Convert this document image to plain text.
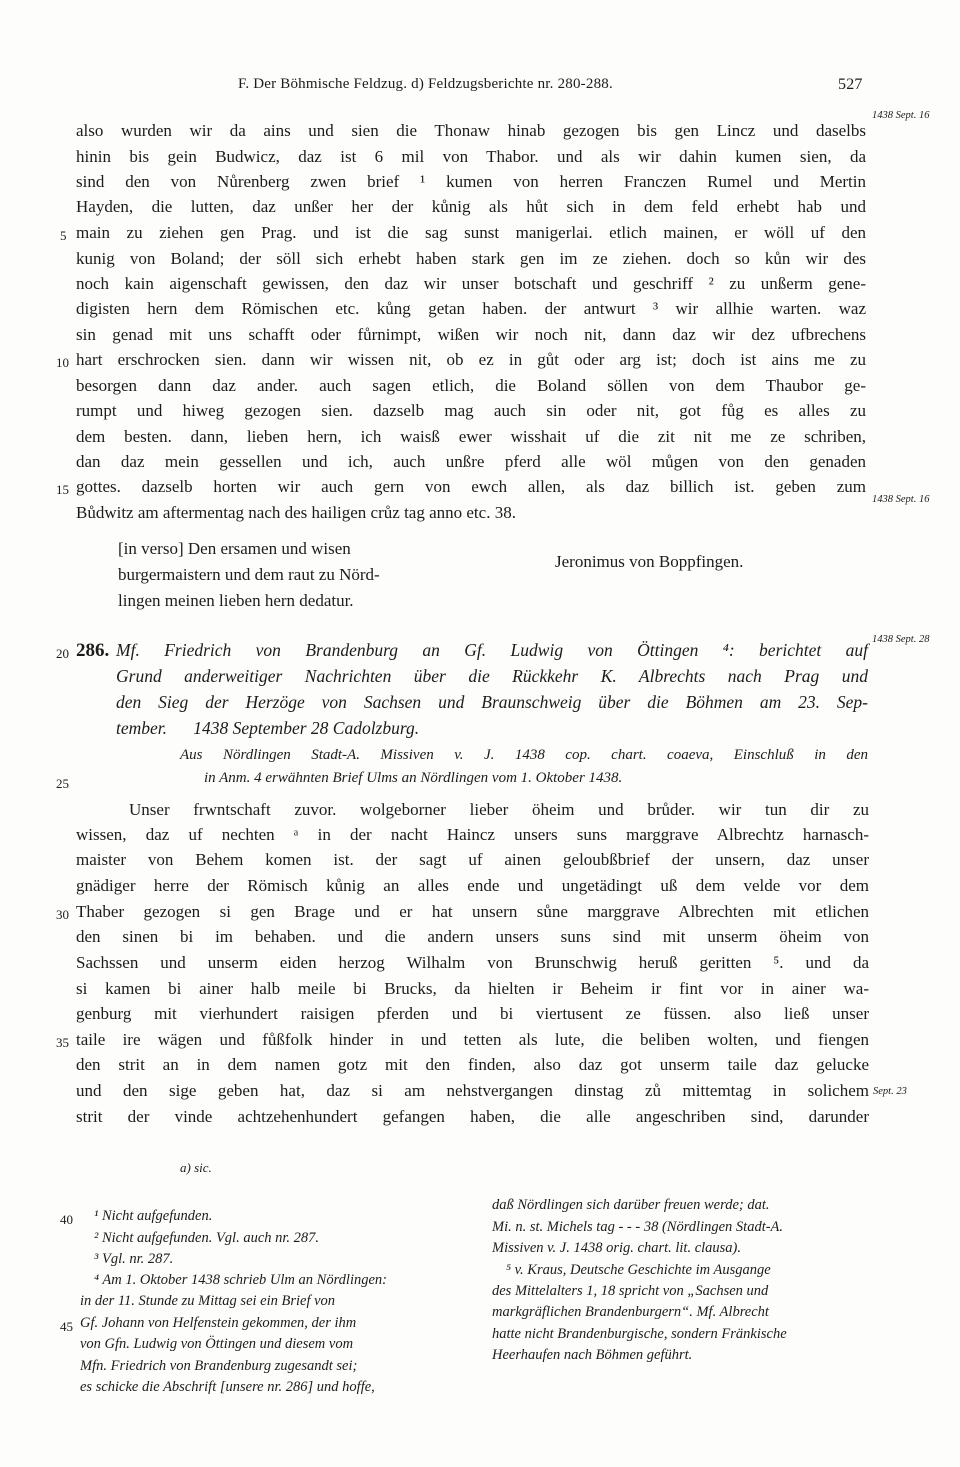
F. Der Böhmische Feldzug. d) Feldzugsberichte nr. 280-288.	527
1438 Sept. 16
also wurden wir da ains und sien die Thonaw hinab gezogen bis gen Lincz und daselbs
hinin bis gein Budwicz, daz ist 6 mil von Thabor. und als wir dahin kumen sien, da
sind den von Nůrenberg zwen brief ¹ kumen von herren Franczen Rumel und Mertin
Hayden, die lutten, daz unßer her der kůnig als hůt sich in dem feld erhebt hab und
5 main zu ziehen gen Prag. und ist die sag sunst manigerlai. etlich mainen, er wöll uf den
kunig von Boland; der söll sich erhebt haben stark gen im ze ziehen. doch so kůn wir des
noch kain aigenschaft gewissen, den daz wir unser botschaft und geschriff ² zu unßerm gene-
digisten hern dem Römischen etc. kůng getan haben. der antwurt ³ wir allhie warten. waz
sin genad mit uns schafft oder fůrnimpt, wißen wir noch nit, dann daz wir dez ufbrechens
10 hart erschrocken sien. dann wir wissen nit, ob ez in gůt oder arg ist; doch ist ains me zu
besorgen dann daz ander. auch sagen etlich, die Boland söllen von dem Thaubor ge-
rumpt und hiweg gezogen sien. dazselb mag auch sin oder nit, got fůg es alles zu
dem besten. dann, lieben hern, ich waisß ewer wisshait uf die zit nit me ze schriben,
dan daz mein gessellen und ich, auch unßre pferd alle wöl můgen von den genaden
15 gottes. dazselb horten wir auch gern von ewch allen, als daz billich ist. geben zum
Bůdwitz am aftermentag nach des hailigen crůz tag anno etc. 38.
1438 Sept. 16
[in verso] Den ersamen und wisen
burgermaistern und dem raut zu Nörd-
lingen meinen lieben hern dedatur.
Jeronimus von Boppfingen.
20 286. Mf. Friedrich von Brandenburg an Gf. Ludwig von Öttingen ⁴: berichtet auf
1438 Sept. 28
Grund anderweitiger Nachrichten über die Rückkehr K. Albrechts nach Prag und
den Sieg der Herzöge von Sachsen und Braunschweig über die Böhmen am 23. Sep-
tember.      1438 September 28 Cadolzburg.
Aus Nördlingen Stadt-A. Missiven v. J. 1438 cop. chart. coaeva, Einschluß in den
25	in Anm. 4 erwähnten Brief Ulms an Nördlingen vom 1. Oktober 1438.
Unser frwntschaft zuvor. wolgeborner lieber öheim und brůder. wir tun dir zu
wissen, daz uf nechten ᵃ in der nacht Haincz unsers suns marggrave Albrechtz harnasch-
maister von Behem komen ist. der sagt uf ainen geloubßbrief der unsern, daz unser
gnädiger herre der Römisch kůnig an alles ende und ungetädingt uß dem velde vor dem
30 Thaber gezogen si gen Brage und er hat unsern sůne marggrave Albrechten mit etlichen
den sinen bi im behaben. und die andern unsers suns sind mit unserm öheim von
Sachssen und unserm eiden herzog Wilhalm von Brunschwig heruß geritten ⁵. und da
si kamen bi ainer halb meile bi Brucks, da hielten ir Beheim ir fint vor in ainer wa-
genburg mit vierhundert raisigen pferden und bi viertusent ze füssen. also ließ unser
35 taile ire wägen und fůßfolk hinder in und tetten als lute, die beliben wolten, und fiengen
den strit an in dem namen gotz mit den finden, also daz got unserm taile daz gelucke
und den sige geben hat, daz si am nehstvergangen dinstag zů mittemtag in solichem Sept. 23
strit der vinde achtzehenhundert gefangen haben, die alle angeschriben sind, darunder
a) sic.
40 ¹ Nicht aufgefunden.
² Nicht aufgefunden. Vgl. auch nr. 287.
³ Vgl. nr. 287.
⁴ Am 1. Oktober 1438 schrieb Ulm an Nördlingen:
in der 11. Stunde zu Mittag sei ein Brief von
45 Gf. Johann von Helfenstein gekommen, der ihm
von Gfn. Ludwig von Öttingen und diesem vom
Mfn. Friedrich von Brandenburg zugesandt sei;
es schicke die Abschrift [unsere nr. 286] und hoffe,
daß Nördlingen sich darüber freuen werde; dat.
Mi. n. st. Michels tag - - - 38 (Nördlingen Stadt-A.
Missiven v. J. 1438 orig. chart. lit. clausa).
⁵ v. Kraus, Deutsche Geschichte im Ausgange
des Mittelalters 1, 18 spricht von „Sachsen und
markgräflichen Brandenburgern“. Mf. Albrecht
hatte nicht Brandenburgische, sondern Fränkische
Heerhaufen nach Böhmen geführt.
